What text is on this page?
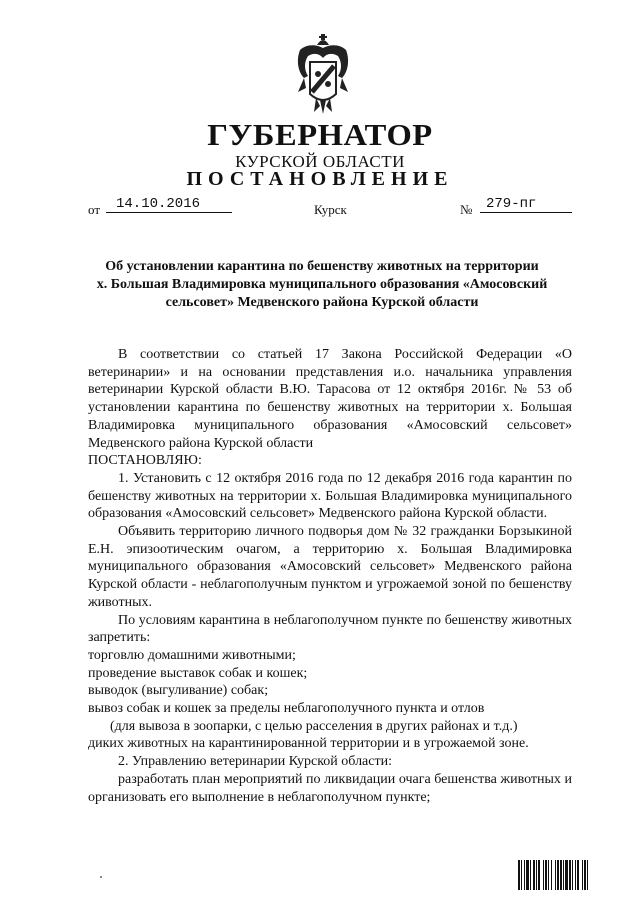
ГУБЕРНАТОР
КУРСКОЙ ОБЛАСТИ
ПОСТАНОВЛЕНИЕ
от	14.10.2016	Курск	№ 279-пг
Об установлении карантина по бешенству животных на территории
х. Большая Владимировка муниципального образования «Амосовский
сельсовет» Медвенского района Курской области

В соответствии со статьей 17 Закона Российской Федерации «О ветеринарии» и на основании представления и.о. начальника управления ветеринарии Курской области В.Ю. Тарасова от 12 октября 2016г. № 53 об установлении карантина по бешенству животных на территории х. Большая Владимировка муниципального образования «Амосовский сельсовет» Медвенского района Курской области

ПОСТАНОВЛЯЮ:

1. Установить с 12 октября 2016 года по 12 декабря 2016 года карантин по бешенству животных на территории х. Большая Владимировка муниципального образования «Амосовский сельсовет» Медвенского района Курской области.

Объявить территорию личного подворья дом № 32 гражданки Борзыкиной Е.Н. эпизоотическим очагом, а территорию х. Большая Владимировка муниципального образования «Амосовский сельсовет» Медвенского района Курской области - неблагополучным пунктом и угрожаемой зоной по бешенству животных.

По условиям карантина в неблагополучном пункте по бешенству животных запретить:

торговлю домашними животными;

проведение выставок собак и кошек;

выводок (выгуливание) собак;

вывоз собак и кошек за пределы неблагополучного пункта и отлов

(для вывоза в зоопарки, с целью расселения в других районах и т.д.)

диких животных на карантинированной территории и в угрожаемой зоне.

2. Управлению ветеринарии Курской области:

разработать план мероприятий по ликвидации очага бешенства животных и организовать его выполнение в неблагополучном пункте;
